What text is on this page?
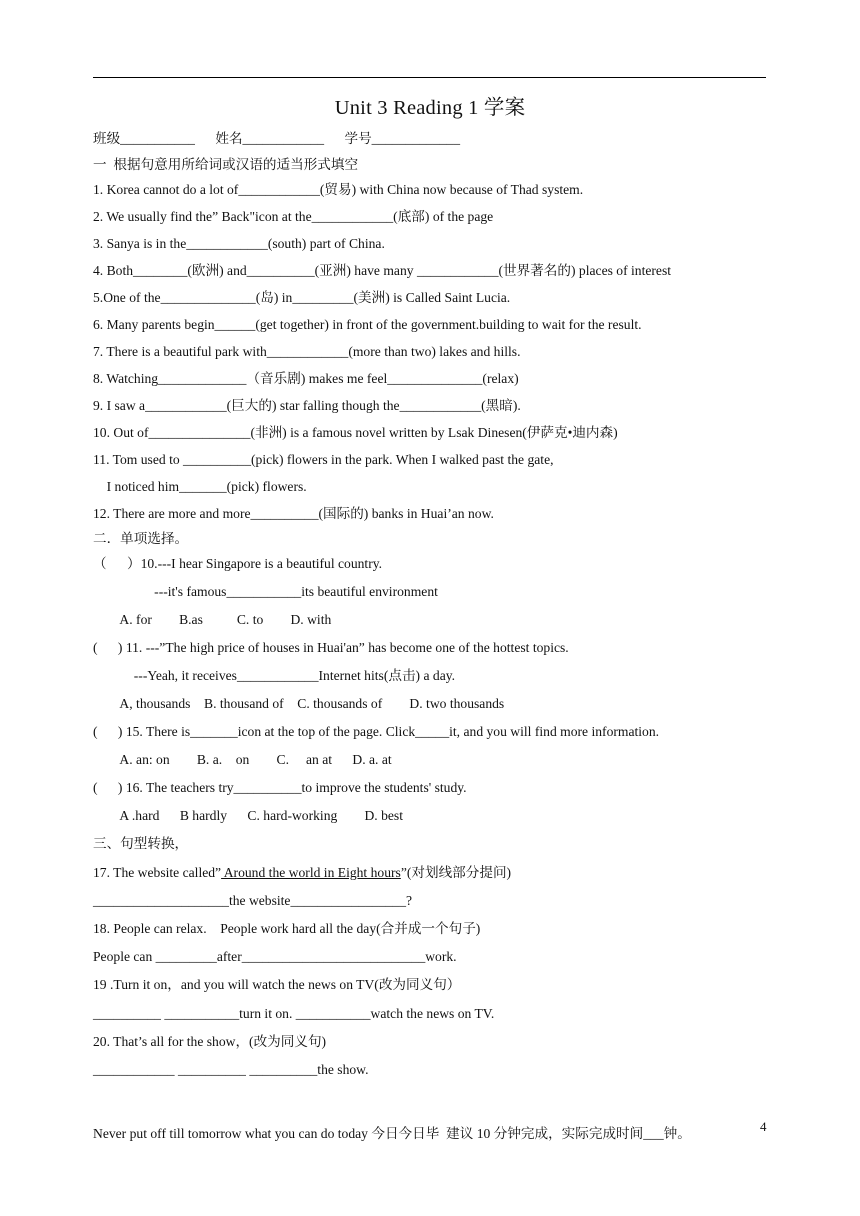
Unit 3 Reading 1 学案
班级___________      姓名____________      学号_____________
一  根据句意用所给词或汉语的适当形式填空
1. Korea cannot do a lot of____________(贸易) with China now because of Thad system.
2. We usually find the” Back"icon at the____________(底部) of the page
3. Sanya is in the____________(south) part of China.
4. Both________(欧洲) and__________(亚洲) have many ____________(世界著名的) places of interest
5.One of the______________(岛) in_________(美洲) is Called Saint Lucia.
6. Many parents begin______(get together) in front of the government.building to wait for the result.
7. There is a beautiful park with____________(more than two) lakes and hills.
8. Watching_____________（音乐剧) makes me feel______________(relax)
9. I saw a____________(巨大的) star falling though the____________(黑暗).
10. Out of_______________(非洲) is a famous novel written by Lsak Dinesen(伊萨克•迪内森)
11. Tom used to __________(pick) flowers in the park. When I walked past the gate,
I noticed him_______(pick) flowers.
12. There are more and more__________(国际的) banks in Huai’an now.
二．单项选择。
（      ）10.---I hear Singapore is a beautiful country.
---it's famous___________its beautiful environment
A. for        B.as          C. to        D. with
(      ) 11. ---”The high price of houses in Huai'an” has become one of the hottest topics.
---Yeah, it receives____________Internet hits(点击) a day.
A, thousands    B. thousand of    C. thousands of        D. two thousands
(      ) 15. There is_______icon at the top of the page. Click_____it, and you will find more information.
A. an: on        B. a.    on        C.     an at      D. a. at
(      ) 16. The teachers try__________to improve the students' study.
A .hard      B hardly      C. hard-working        D. best
三、句型转换，
17. The website called” Around the world in Eight hours”(对划线部分提问)
____________________the website_________________?
18. People can relax.    People work hard all the day(合并成一个句子)
People can _________after___________________________work.
19 .Turn it on，and you will watch the news on TV(改为同义句）
__________ ___________turn it on. ___________watch the news on TV.
20. That’s all for the show，(改为同义句)
____________ __________ __________the show.
Never put off till tomorrow what you can do today 今日今日毕  建议 10 分钟完成，实际完成时间___钟。	4
